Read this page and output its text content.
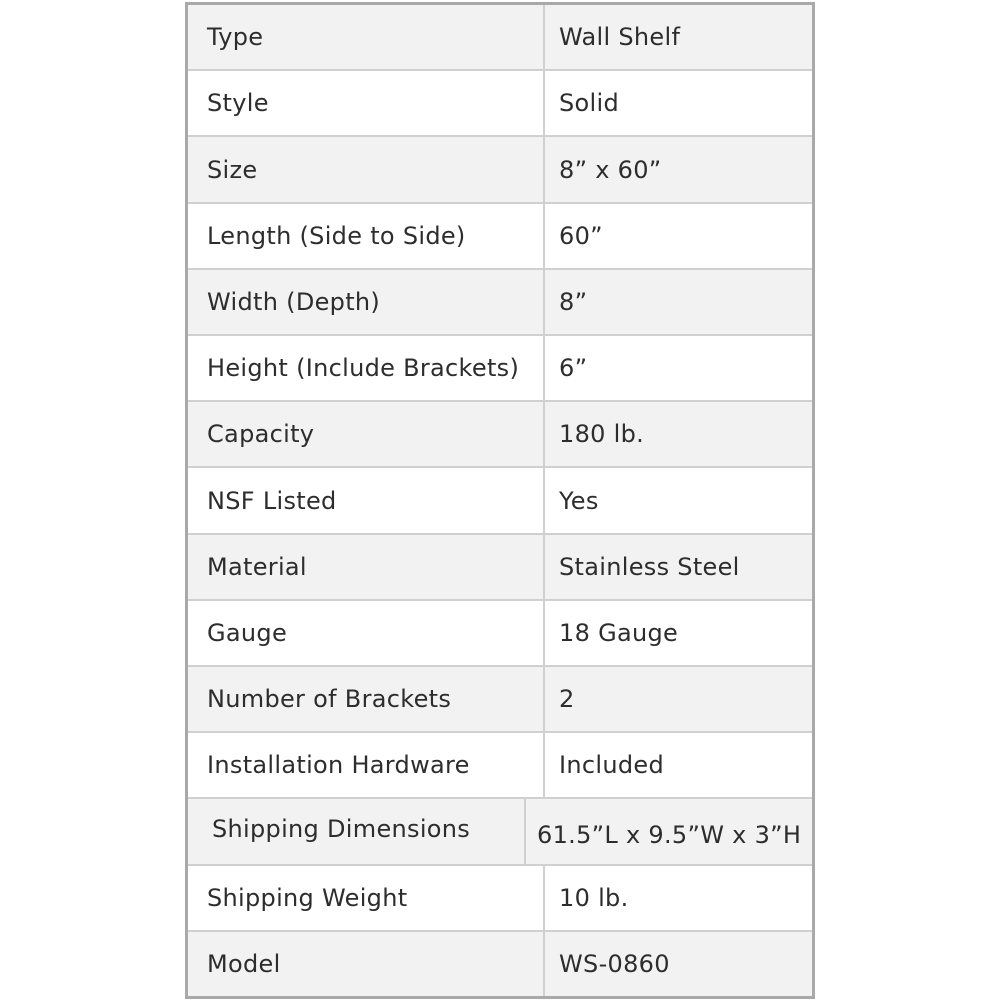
Type	Wall Shelf
Style	Solid
Size	8” x 60”
Length (Side to Side)	60”
Width (Depth)	8”
Height (Include Brackets)	6”
Capacity	180 lb.
NSF Listed	Yes
Material	Stainless Steel
Gauge	18 Gauge
Number of Brackets	2
Installation Hardware	Included
Shipping Dimensions	61.5”L x 9.5”W x 3”H
Shipping Weight	10 lb.
Model	WS-0860
